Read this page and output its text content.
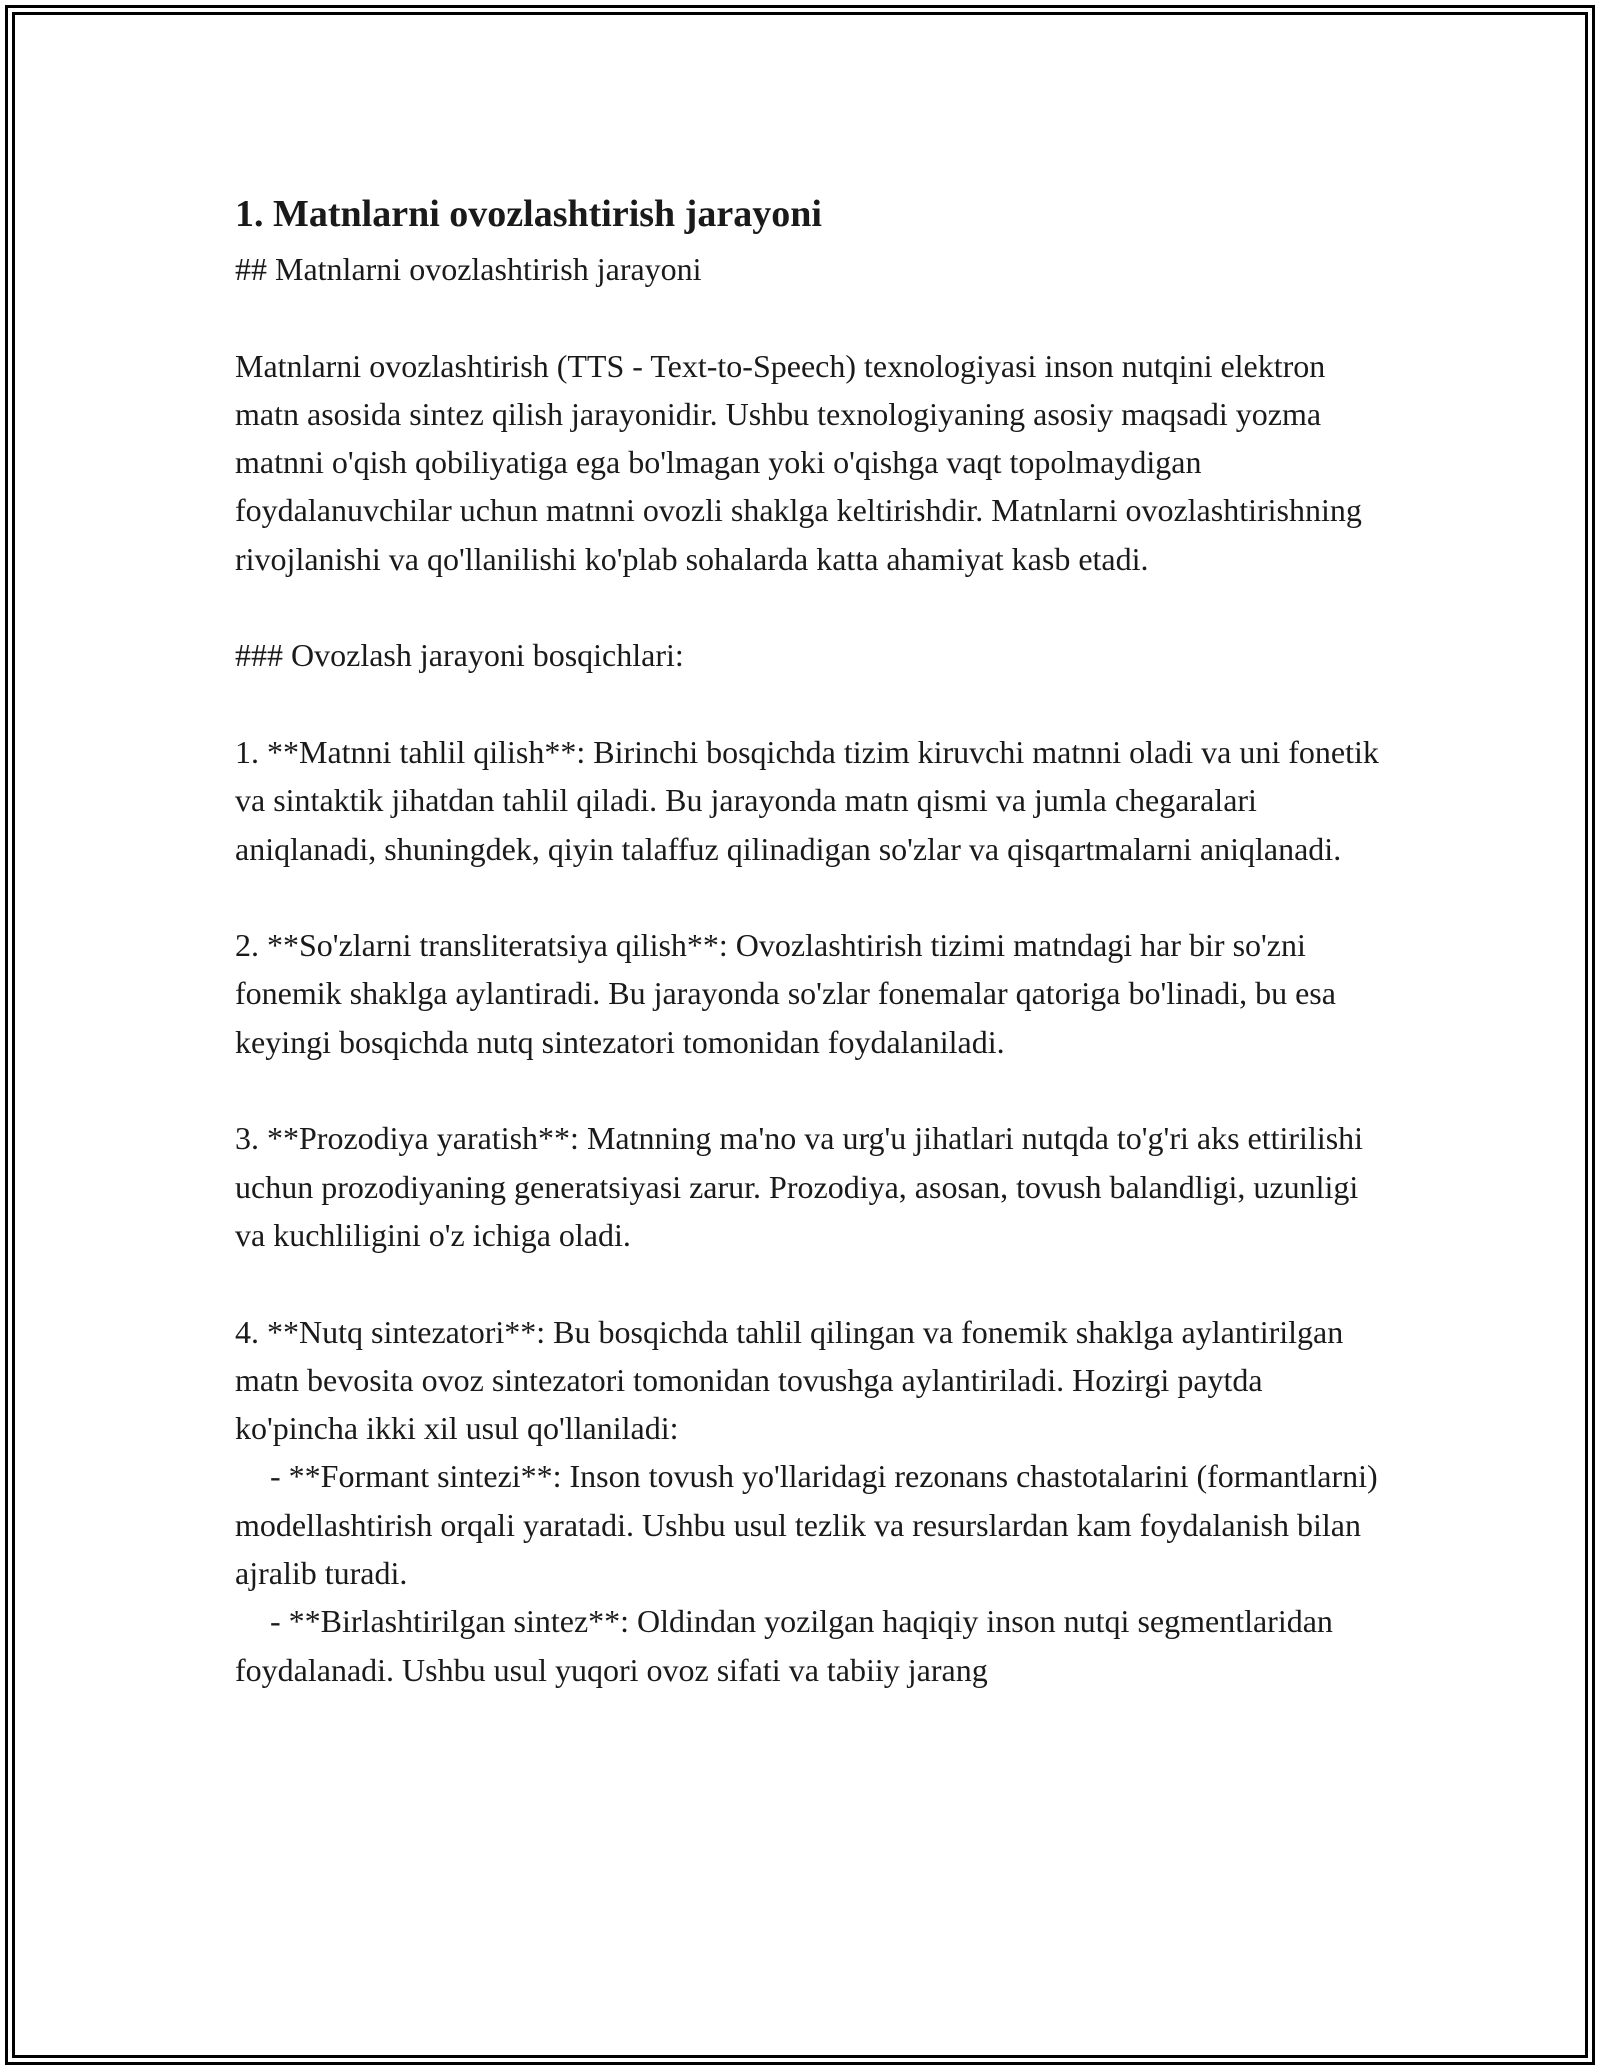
1. Matnlarni ovozlashtirish jarayoni

## Matnlarni ovozlashtirish jarayoni

Matnlarni ovozlashtirish (TTS - Text-to-Speech) texnologiyasi inson nutqini elektron matn asosida sintez qilish jarayonidir. Ushbu texnologiyaning asosiy maqsadi yozma matnni o'qish qobiliyatiga ega bo'lmagan yoki o'qishga vaqt topolmaydigan foydalanuvchilar uchun matnni ovozli shaklga keltirishdir. Matnlarni ovozlashtirishning rivojlanishi va qo'llanilishi ko'plab sohalarda katta ahamiyat kasb etadi.

### Ovozlash jarayoni bosqichlari:

1. **Matnni tahlil qilish**: Birinchi bosqichda tizim kiruvchi matnni oladi va uni fonetik va sintaktik jihatdan tahlil qiladi. Bu jarayonda matn qismi va jumla chegaralari aniqlanadi, shuningdek, qiyin talaffuz qilinadigan so'zlar va qisqartmalarni aniqlanadi.

2. **So'zlarni transliteratsiya qilish**: Ovozlashtirish tizimi matndagi har bir so'zni fonemik shaklga aylantiradi. Bu jarayonda so'zlar fonemalar qatoriga bo'linadi, bu esa keyingi bosqichda nutq sintezatori tomonidan foydalaniladi.

3. **Prozodiya yaratish**: Matnning ma'no va urg'u jihatlari nutqda to'g'ri aks ettirilishi uchun prozodiyaning generatsiyasi zarur. Prozodiya, asosan, tovush balandligi, uzunligi va kuchliligini o'z ichiga oladi.

4. **Nutq sintezatori**: Bu bosqichda tahlil qilingan va fonemik shaklga aylantirilgan matn bevosita ovoz sintezatori tomonidan tovushga aylantiriladi. Hozirgi paytda ko'pincha ikki xil usul qo'llaniladi:

- **Formant sintezi**: Inson tovush yo'llaridagi rezonans chastotalarini (formantlarni) modellashtirish orqali yaratadi. Ushbu usul tezlik va resurslardan kam foydalanish bilan ajralib turadi.

- **Birlashtirilgan sintez**: Oldindan yozilgan haqiqiy inson nutqi segmentlaridan foydalanadi. Ushbu usul yuqori ovoz sifati va tabiiy jarang
